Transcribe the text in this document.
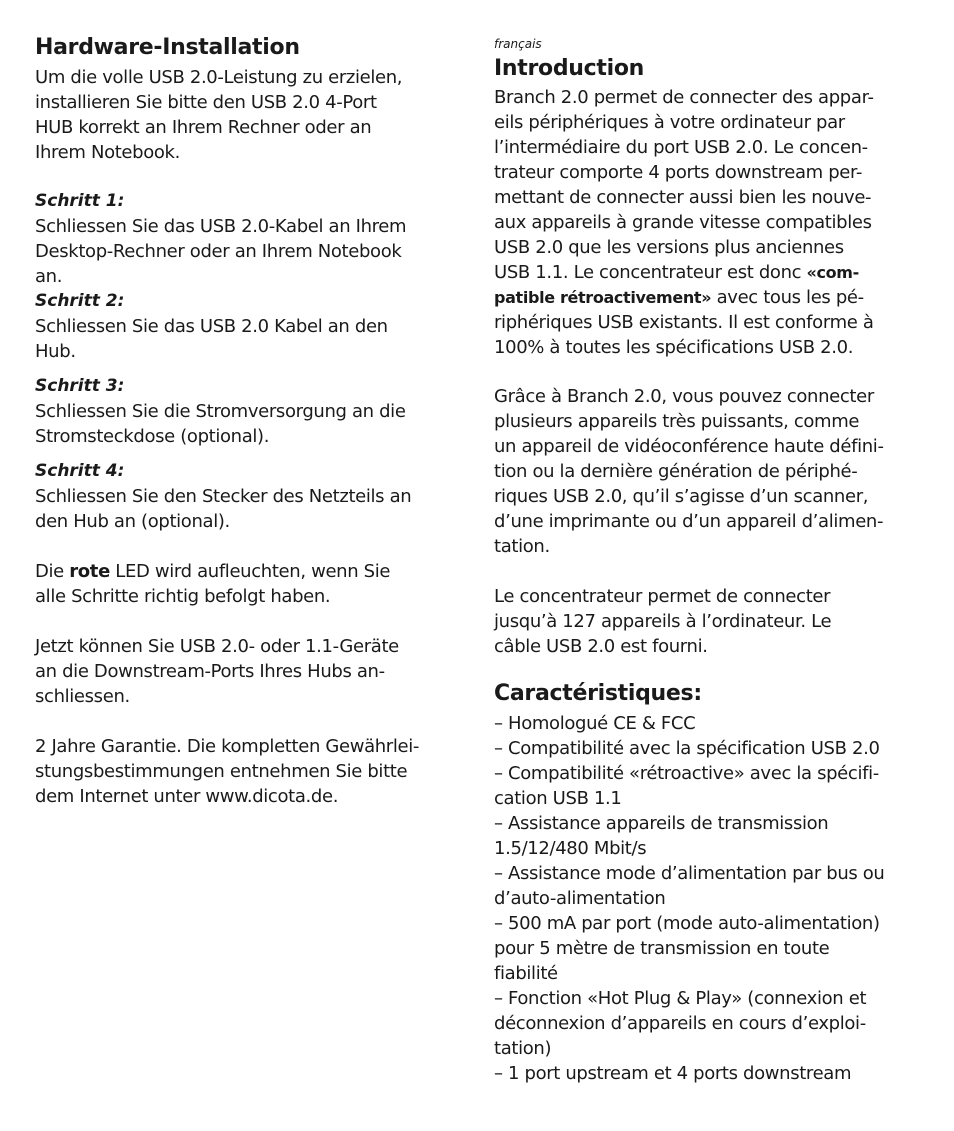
Hardware-Installation

Um die volle USB 2.0-Leistung zu erzielen,

installieren Sie bitte den USB 2.0 4-Port

HUB korrekt an Ihrem Rechner oder an

Ihrem Notebook.

Schritt 1:

Schliessen Sie das USB 2.0-Kabel an Ihrem

Desktop-Rechner oder an Ihrem Notebook

an.

Schritt 2:

Schliessen Sie das USB 2.0 Kabel an den

Hub.

Schritt 3:

Schliessen Sie die Stromversorgung an die

Stromsteckdose (optional).

Schritt 4:

Schliessen Sie den Stecker des Netzteils an

den Hub an (optional).

Die rote LED wird aufleuchten, wenn Sie

alle Schritte richtig befolgt haben.

Jetzt können Sie USB 2.0- oder 1.1-Geräte

an die Downstream-Ports Ihres Hubs an-

schliessen.

2 Jahre Garantie. Die kompletten Gewährlei-

stungsbestimmungen entnehmen Sie bitte

dem Internet unter www.dicota.de.

français

Introduction

Branch 2.0 permet de connecter des appar-

eils périphériques à votre ordinateur par

l’intermédiaire du port USB 2.0. Le concen-

trateur comporte 4 ports downstream per-

mettant de connecter aussi bien les nouve-

aux appareils à grande vitesse compatibles

USB 2.0 que les versions plus anciennes

USB 1.1. Le concentrateur est donc «com-

patible rétroactivement» avec tous les pé-

riphériques USB existants. Il est conforme à

100% à toutes les spécifications USB 2.0.

Grâce à Branch 2.0, vous pouvez connecter

plusieurs appareils très puissants, comme

un appareil de vidéoconférence haute défini-

tion ou la dernière génération de périphé-

riques USB 2.0, qu’il s’agisse d’un scanner,

d’une imprimante ou d’un appareil d’alimen-

tation.

Le concentrateur permet de connecter

jusqu’à 127 appareils à l’ordinateur. Le

câble USB 2.0 est fourni.

Caractéristiques:

– Homologué CE & FCC

– Compatibilité avec la spécification USB 2.0

– Compatibilité «rétroactive» avec la spécifi-

cation USB 1.1

– Assistance appareils de transmission

1.5/12/480 Mbit/s

– Assistance mode d’alimentation par bus ou

d’auto-alimentation

– 500 mA par port (mode auto-alimentation)

pour 5 mètre de transmission en toute

fiabilité

– Fonction «Hot Plug & Play» (connexion et

déconnexion d’appareils en cours d’exploi-

tation)

– 1 port upstream et 4 ports downstream
